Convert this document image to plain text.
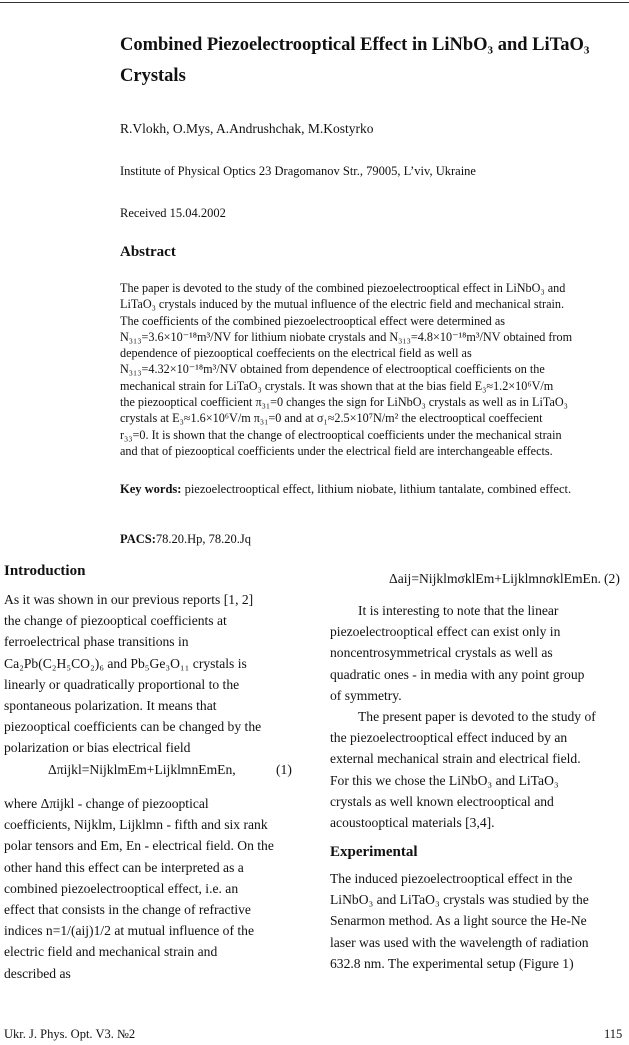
Combined Piezoelectrooptical Effect in LiNbO₃ and LiTaO₃
Crystals
R.Vlokh, O.Mys, A.Andrushchak, M.Kostyrko
Institute of Physical Optics 23 Dragomanov Str., 79005, L’viv, Ukraine
Received 15.04.2002
Abstract
The paper is devoted to the study of the combined piezoelectrooptical effect in LiNbO₃ and
LiTaO₃ crystals induced by the mutual influence of the electric field and mechanical strain.
The coefficients of the combined piezoelectrooptical effect were determined as
N₃₁₃=3.6×10⁻¹⁸m³/NV for lithium niobate crystals and N₃₁₃=4.8×10⁻¹⁸m³/NV obtained from
dependence of piezooptical coeffecients on the electrical field as well as
N₃₁₃=4.32×10⁻¹⁸m³/NV obtained from dependence of electrooptical coefficients on the
mechanical strain for LiTaO₃ crystals. It was shown that at the bias field E₃≈1.2×10⁶V/m
the piezooptical coefficient π₃₁=0 changes the sign for LiNbO₃ crystals as well as in LiTaO₃
crystals at E₃≈1.6×10⁶V/m π₃₁=0 and at σ₁≈2.5×10⁷N/m² the electrooptical coeffecient
r₃₃=0. It is shown that the change of electrooptical coefficients under the mechanical strain
and that of piezooptical coefficients under the electrical field are interchangeable effects.
Key words: piezoelectrooptical effect, lithium niobate, lithium tantalate, combined effect.
PACS:78.20.Hp, 78.20.Jq
Introduction
As it was shown in our previous reports [1, 2]
the change of piezooptical coefficients at
ferroelectrical phase transitions in
Ca₂Pb(C₂H₅CO₂)₆ and Pb₅Ge₃O₁₁ crystals is
linearly or quadratically proportional to the
spontaneous polarization. It means that
piezooptical coefficients can be changed by the
polarization or bias electrical field
Δπijkl=NijklmEm+LijklmnEmEn,	(1)
where Δπijkl - change of piezooptical
coefficients, Nijklm, Lijklmn - fifth and six rank
polar tensors and Em, En - electrical field. On the
other hand this effect can be interpreted as a
combined piezoelectrooptical effect, i.e. an
effect that consists in the change of refractive
indices n=1/(aij)1/2 at mutual influence of the
electric field and mechanical strain and
described as
Δaij=NijklmσklEm+LijklmnσklEmEn. (2)
It is interesting to note that the linear
piezoelectrooptical effect can exist only in
noncentrosymmetrical crystals as well as
quadratic ones - in media with any point group
of symmetry.
The present paper is devoted to the study of
the piezoelectrooptical effect induced by an
external mechanical strain and electrical field.
For this we chose the LiNbO₃ and LiTaO₃
crystals as well known electrooptical and
acoustooptical materials [3,4].
Experimental
The induced piezoelectrooptical effect in the
LiNbO₃ and LiTaO₃ crystals was studied by the
Senarmon method. As a light source the He-Ne
laser was used with the wavelength of radiation
632.8 nm. The experimental setup (Figure 1)
Ukr. J. Phys. Opt. V3. №2	115
